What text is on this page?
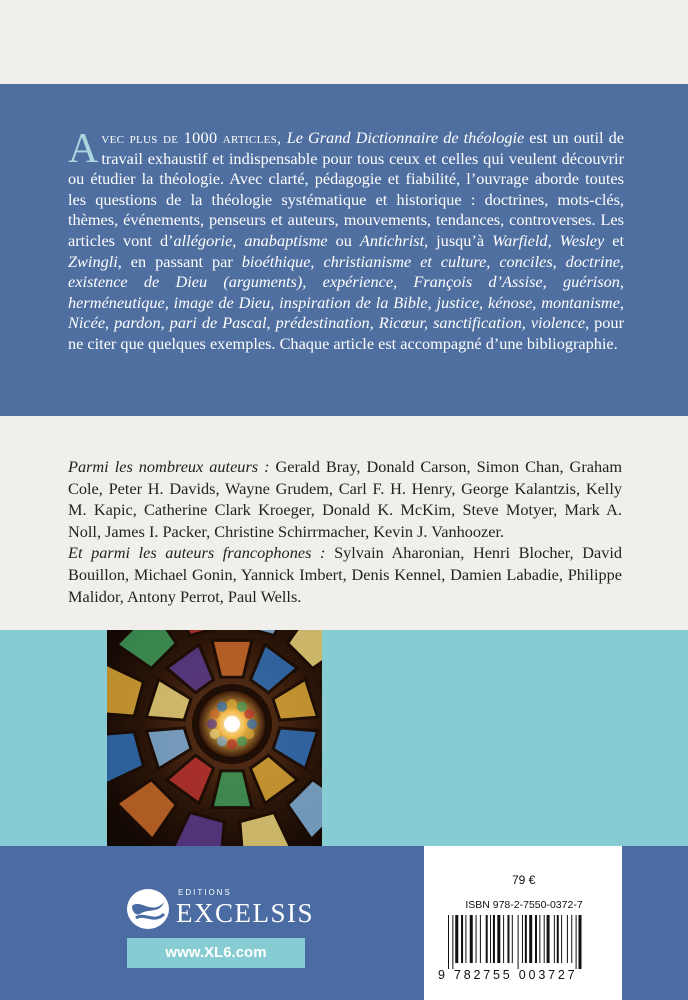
Avec plus de 1000 articles, Le Grand Dictionnaire de théologie est un outil de travail exhaustif et indispensable pour tous ceux et celles qui veulent découvrir ou étudier la théologie. Avec clarté, pédagogie et fiabilité, l’ouvrage aborde toutes les questions de la théologie systématique et historique : doctrines, mots-clés, thèmes, événements, penseurs et auteurs, mouvements, tendances, controverses. Les articles vont d’allégorie, anabaptisme ou Antichrist, jusqu’à Warfield, Wesley et Zwingli, en passant par bioéthique, christianisme et culture, conciles, doctrine, existence de Dieu (arguments), expérience, François d’Assise, guérison, herméneutique, image de Dieu, inspiration de la Bible, justice, kénose, montanisme, Nicée, pardon, pari de Pascal, prédestination, Ricœur, sanctification, violence, pour ne citer que quelques exemples. Chaque article est accompagné d’une bibliographie.
Parmi les nombreux auteurs : Gerald Bray, Donald Carson, Simon Chan, Graham Cole, Peter H. Davids, Wayne Grudem, Carl F. H. Henry, George Kalantzis, Kelly M. Kapic, Catherine Clark Kroeger, Donald K. McKim, Steve Motyer, Mark A. Noll, James I. Packer, Christine Schirrmacher, Kevin J. Vanhoozer.
Et parmi les auteurs francophones : Sylvain Aharonian, Henri Blocher, David Bouillon, Michael Gonin, Yannick Imbert, Denis Kennel, Damien Labadie, Philippe Malidor, Antony Perrot, Paul Wells.
EDITIONS
EXCELSIS
www.XL6.com
79 €
ISBN 978-2-7550-0372-7
9 782755 003727
